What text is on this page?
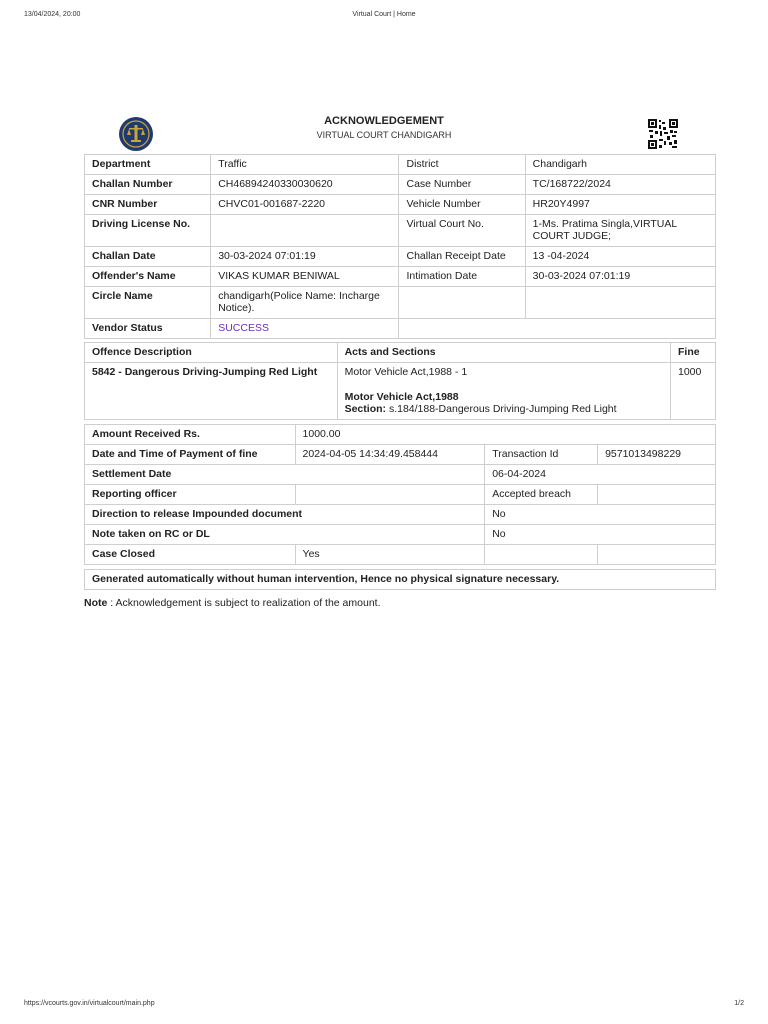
13/04/2024, 20:00	Virtual Court | Home
ACKNOWLEDGEMENT
VIRTUAL COURT CHANDIGARH
Department	Traffic	District	Chandigarh
Challan Number	CH46894240330030620	Case Number	TC/168722/2024
CNR Number	CHVC01-001687-2220	Vehicle Number	HR20Y4997
Driving License No.		Virtual Court No.	1-Ms. Pratima Singla,VIRTUAL COURT JUDGE;
Challan Date	30-03-2024 07:01:19	Challan Receipt Date	13 -04-2024
Offender's Name	VIKAS KUMAR BENIWAL	Intimation Date	30-03-2024 07:01:19
Circle Name	chandigarh(Police Name: Incharge Notice).		
Vendor Status	SUCCESS		
Offence Description	Acts and Sections	Fine
5842 - Dangerous Driving-Jumping Red Light	Motor Vehicle Act,1988 - 1
Motor Vehicle Act,1988
Section: s.184/188-Dangerous Driving-Jumping Red Light	1000
Amount Received Rs.	1000.00		
Date and Time of Payment of fine	2024-04-05 14:34:49.458444	Transaction Id	9571013498229
Settlement Date		06-04-2024	
Reporting officer		Accepted breach	
Direction to release Impounded document		No	
Note taken on RC or DL		No	
Case Closed	Yes		
Generated automatically without human intervention, Hence no physical signature necessary.
Note : Acknowledgement is subject to realization of the amount.
https://vcourts.gov.in/virtualcourt/main.php	1/2
